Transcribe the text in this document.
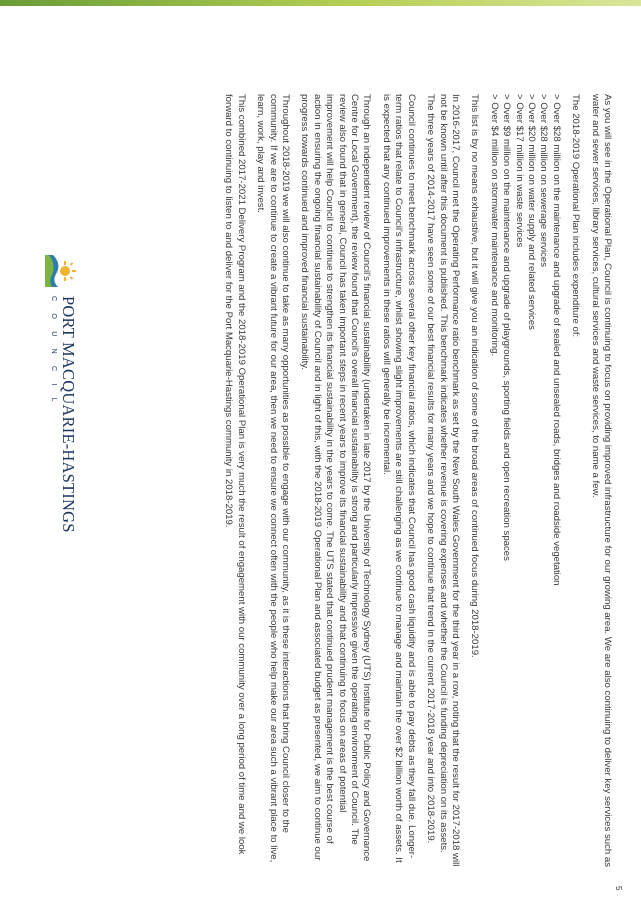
PORT MACQUARIE-HASTINGS
C O U N C I L	As you will see in the Operational Plan, Council is continuing to focus on providing improved infrastructure for our growing area. We are also continuing to deliver key services such as water and sewer services, library services, cultural services and waste services, to name a few.

The 2018-2019 Operational Plan includes expenditure of:

> Over $28 million on the maintenance and upgrade of sealed and unsealed roads, bridges and roadside vegetation
> Over $28 million on sewerage services
> Over $20 million on water supply and related services
> Over $17 million in waste services
> Over $9 million on the maintenance and upgrade of playgrounds, sporting fields and open recreation spaces
> Over $4 million on stormwater maintenance and monitoring.

This list is by no means exhaustive, but it will give you an indication of some of the broad areas of continued focus during 2018-2019.

In 2016-2017, Council met the Operating Performance ratio benchmark as set by the New South Wales Government for the third year in a row, noting that the result for 2017-2018 will not be known until after this document is published. This benchmark indicates whether revenue is covering expenses and whether the Council is funding depreciation on its assets. The three years of 2014-2017 have seen some of our best financial results for many years and we hope to continue that trend in the current 2017-2018 year and into 2018-2019.

Council continues to meet benchmark across several other key financial ratios, which indicates that Council has good cash liquidity and is able to pay debts as they fall due. Longer-term ratios that relate to Council's infrastructure, whilst showing slight improvements are still challenging as we continue to manage and maintain the over $2 billion worth of assets. It is expected that any continued improvements in these ratios will generally be incremental.

Through an independent review of Council's financial sustainability (undertaken in late 2017 by the University of Technology Sydney (UTS) Institute for Public Policy and Governance Centre for Local Government), the review found that Council's overall financial sustainability is strong and particularly impressive given the operating environment of Council. The review also found that in general, Council has taken important steps in recent years to improve its financial sustainability and that continuing to focus on areas of potential improvement will help Council to continue to strengthen its financial sustainability in the years to come. The UTS stated that continued prudent management is the best course of action in ensuring the ongoing financial sustainability of Council and in light of this, with the 2018-2019 Operational Plan and associated budget as presented, we aim to continue our progress towards continued and improved financial sustainability.

Throughout 2018-2019 we will also continue to take as many opportunities as possible to engage with our community, as it is these interactions that bring Council closer to the community. If we are to continue to create a vibrant future for our area, then we need to ensure we connect often with the people who help make our area such a vibrant place to live, learn, work, play and invest.

This combined 2017-2021 Delivery Program and the 2018-2019 Operational Plan is very much the result of engagement with our community over a long period of time and we look forward to continuing to listen to and deliver for the Port Macquarie-Hastings community in 2018-2019.

5
